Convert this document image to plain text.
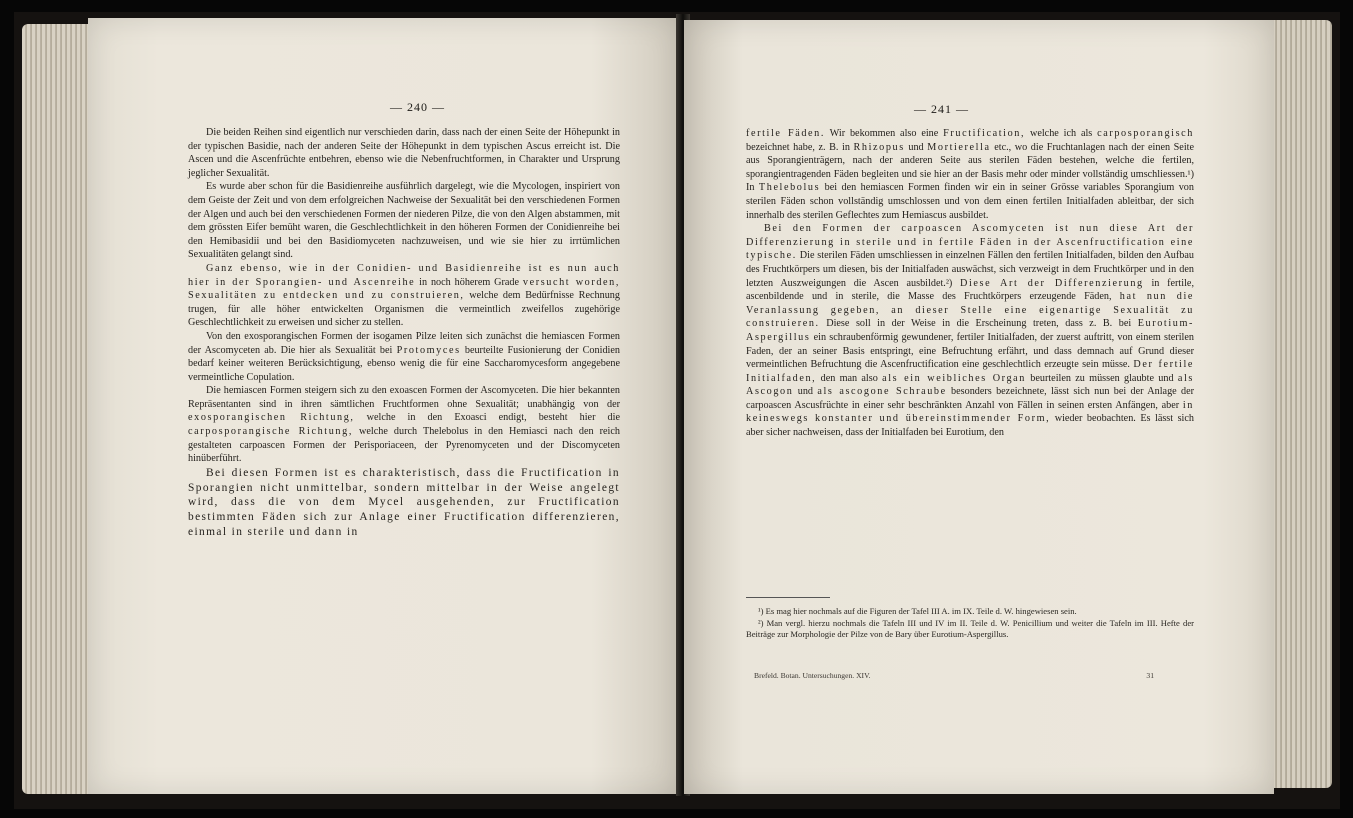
— 240 —

Die beiden Reihen sind eigentlich nur verschieden darin, dass nach der einen Seite der Höhepunkt in der typischen Basidie, nach der anderen Seite der Höhepunkt in dem typischen Ascus erreicht ist. Die Ascen und die Ascenfrüchte entbehren, ebenso wie die Nebenfruchtformen, in Charakter und Ursprung jeglicher Sexualität.

Es wurde aber schon für die Basidienreihe ausführlich dargelegt, wie die Mycologen, inspiriert von dem Geiste der Zeit und von dem erfolgreichen Nachweise der Sexualität bei den verschiedenen Formen der Algen und auch bei den verschiedenen Formen der niederen Pilze, die von den Algen abstammen, mit dem grössten Eifer bemüht waren, die Geschlechtlichkeit in den höheren Formen der Conidienreihe bei den Hemibasidii und bei den Basidiomyceten nachzuweisen, und wie sie hier zu irrtümlichen Sexualitäten gelangt sind.

Ganz ebenso, wie in der Conidien- und Basidienreihe ist es nun auch hier in der Sporangien- und Ascenreihe in noch höherem Grade versucht worden, Sexualitäten zu entdecken und zu construieren, welche dem Bedürfnisse Rechnung trugen, für alle höher entwickelten Organismen die vermeintlich zweifellos zugehörige Geschlechtlichkeit zu erweisen und sicher zu stellen.

Von den exosporangischen Formen der isogamen Pilze leiten sich zunächst die hemiascen Formen der Ascomyceten ab. Die hier als Sexualität bei Protomyces beurteilte Fusionierung der Conidien bedarf keiner weiteren Berücksichtigung, ebenso wenig die für eine Saccharomycesform angegebene vermeintliche Copulation.

Die hemiascen Formen steigern sich zu den exoascen Formen der Ascomyceten. Die hier bekannten Repräsentanten sind in ihren sämtlichen Fruchtformen ohne Sexualität; unabhängig von der exosporangischen Richtung, welche in den Exoasci endigt, besteht hier die carposporangische Richtung, welche durch Thelebolus in den Hemiasci nach den reich gestalteten carpoascen Formen der Perisporiaceen, der Pyrenomyceten und der Discomyceten hinüberführt.

Bei diesen Formen ist es charakteristisch, dass die Fructification in Sporangien nicht unmittelbar, sondern mittelbar in der Weise angelegt wird, dass die von dem Mycel ausgehenden, zur Fructification bestimmten Fäden sich zur Anlage einer Fructification differenzieren, einmal in sterile und dann in

— 241 —

fertile Fäden. Wir bekommen also eine Fructification, welche ich als carposporangisch bezeichnet habe, z. B. in Rhizopus und Mortierella etc., wo die Fruchtanlagen nach der einen Seite aus Sporangienträgern, nach der anderen Seite aus sterilen Fäden bestehen, welche die fertilen, sporangientragenden Fäden begleiten und sie hier an der Basis mehr oder minder vollständig umschliessen.¹) In Thelebolus bei den hemiascen Formen finden wir ein in seiner Grösse variables Sporangium von sterilen Fäden schon vollständig umschlossen und von dem einen fertilen Initialfaden ableitbar, der sich innerhalb des sterilen Geflechtes zum Hemiascus ausbildet.

Bei den Formen der carpoascen Ascomyceten ist nun diese Art der Differenzierung in sterile und in fertile Fäden in der Ascenfructification eine typische. Die sterilen Fäden umschliessen in einzelnen Fällen den fertilen Initialfaden, bilden den Aufbau des Fruchtkörpers um diesen, bis der Initialfaden auswächst, sich verzweigt in dem Fruchtkörper und in den letzten Auszweigungen die Ascen ausbildet.²) Diese Art der Differenzierung in fertile, ascenbildende und in sterile, die Masse des Fruchtkörpers erzeugende Fäden, hat nun die Veranlassung gegeben, an dieser Stelle eine eigenartige Sexualität zu construieren. Diese soll in der Weise in die Erscheinung treten, dass z. B. bei Eurotium-Aspergillus ein schraubenförmig gewundener, fertiler Initialfaden, der zuerst auftritt, von einem sterilen Faden, der an seiner Basis entspringt, eine Befruchtung erfährt, und dass demnach auf Grund dieser vermeintlichen Befruchtung die Ascenfructification eine geschlechtlich erzeugte sein müsse. Der fertile Initialfaden, den man also als ein weibliches Organ beurteilen zu müssen glaubte und als Ascogon und als ascogone Schraube besonders bezeichnete, lässt sich nun bei der Anlage der carpoascen Ascusfrüchte in einer sehr beschränkten Anzahl von Fällen in seinen ersten Anfängen, aber in keineswegs konstanter und übereinstimmender Form, wieder beobachten. Es lässt sich aber sicher nachweisen, dass der Initialfaden bei Eurotium, den

¹) Es mag hier nochmals auf die Figuren der Tafel III A. im IX. Teile d. W. hingewiesen sein.

²) Man vergl. hierzu nochmals die Tafeln III und IV im II. Teile d. W. Penicillium und weiter die Tafeln im III. Hefte der Beiträge zur Morphologie der Pilze von de Bary über Eurotium-Aspergillus.

Brefeld. Botan. Untersuchungen. XIV.	31
